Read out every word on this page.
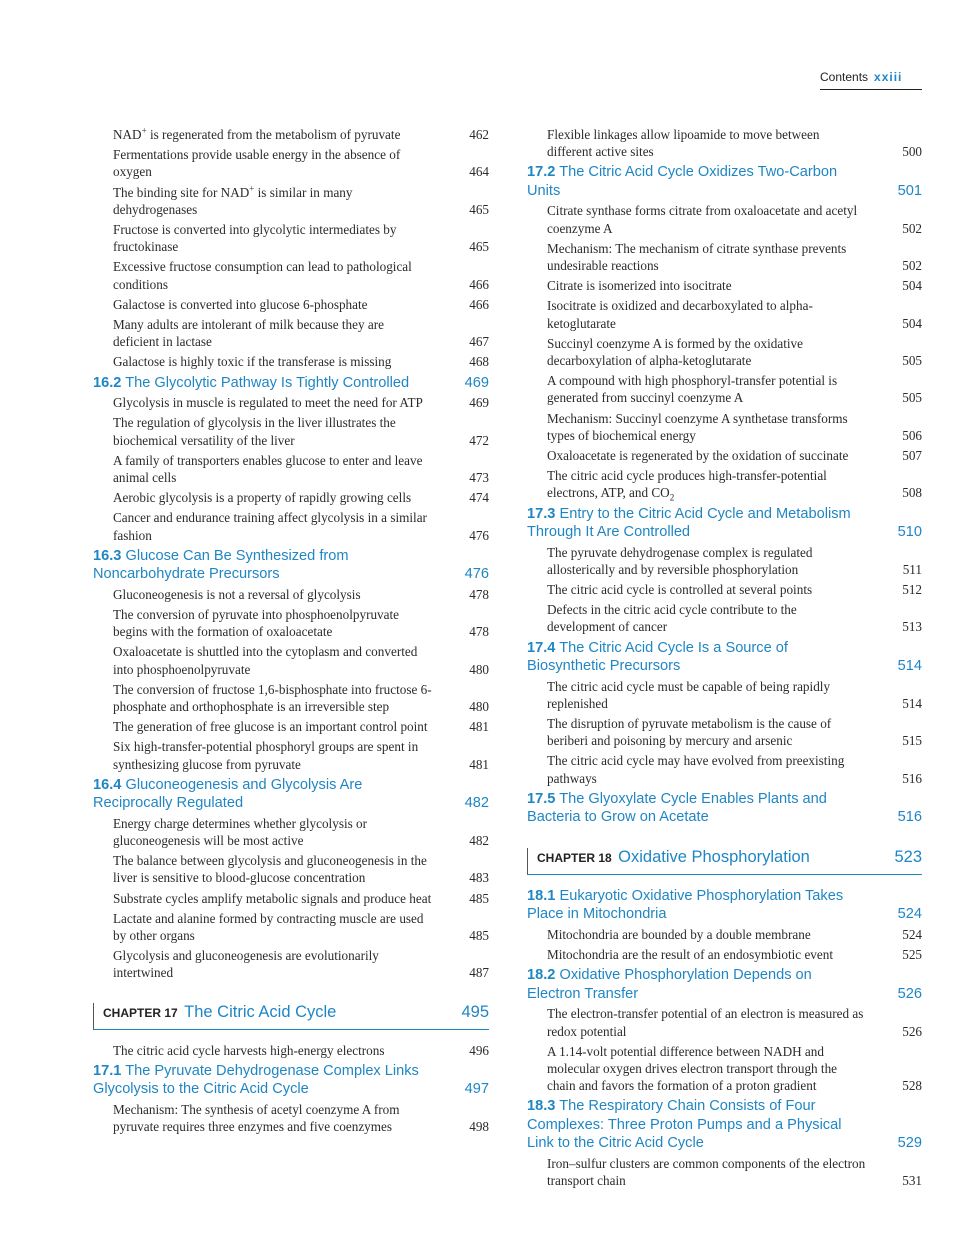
Contents xxiii
NAD+ is regenerated from the metabolism of pyruvate	462
Fermentations provide usable energy in the absence of oxygen	464
The binding site for NAD+ is similar in many dehydrogenases	465
Fructose is converted into glycolytic intermediates by fructokinase	465
Excessive fructose consumption can lead to pathological conditions	466
Galactose is converted into glucose 6-phosphate	466
Many adults are intolerant of milk because they are deficient in lactase	467
Galactose is highly toxic if the transferase is missing	468
16.2 The Glycolytic Pathway Is Tightly Controlled	469
Glycolysis in muscle is regulated to meet the need for ATP	469
The regulation of glycolysis in the liver illustrates the biochemical versatility of the liver	472
A family of transporters enables glucose to enter and leave animal cells	473
Aerobic glycolysis is a property of rapidly growing cells	474
Cancer and endurance training affect glycolysis in a similar fashion	476
16.3 Glucose Can Be Synthesized from Noncarbohydrate Precursors	476
Gluconeogenesis is not a reversal of glycolysis	478
The conversion of pyruvate into phosphoenolpyruvate begins with the formation of oxaloacetate	478
Oxaloacetate is shuttled into the cytoplasm and converted into phosphoenolpyruvate	480
The conversion of fructose 1,6-bisphosphate into fructose 6-phosphate and orthophosphate is an irreversible step	480
The generation of free glucose is an important control point	481
Six high-transfer-potential phosphoryl groups are spent in synthesizing glucose from pyruvate	481
16.4 Gluconeogenesis and Glycolysis Are Reciprocally Regulated	482
Energy charge determines whether glycolysis or gluconeogenesis will be most active	482
The balance between glycolysis and gluconeogenesis in the liver is sensitive to blood-glucose concentration	483
Substrate cycles amplify metabolic signals and produce heat	485
Lactate and alanine formed by contracting muscle are used by other organs	485
Glycolysis and gluconeogenesis are evolutionarily intertwined	487
CHAPTER 17 The Citric Acid Cycle	495
The citric acid cycle harvests high-energy electrons	496
17.1 The Pyruvate Dehydrogenase Complex Links Glycolysis to the Citric Acid Cycle	497
Mechanism: The synthesis of acetyl coenzyme A from pyruvate requires three enzymes and five coenzymes	498
Flexible linkages allow lipoamide to move between different active sites	500
17.2 The Citric Acid Cycle Oxidizes Two-Carbon Units	501
Citrate synthase forms citrate from oxaloacetate and acetyl coenzyme A	502
Mechanism: The mechanism of citrate synthase prevents undesirable reactions	502
Citrate is isomerized into isocitrate	504
Isocitrate is oxidized and decarboxylated to alpha-ketoglutarate	504
Succinyl coenzyme A is formed by the oxidative decarboxylation of alpha-ketoglutarate	505
A compound with high phosphoryl-transfer potential is generated from succinyl coenzyme A	505
Mechanism: Succinyl coenzyme A synthetase transforms types of biochemical energy	506
Oxaloacetate is regenerated by the oxidation of succinate	507
The citric acid cycle produces high-transfer-potential electrons, ATP, and $CO_2$	508
17.3 Entry to the Citric Acid Cycle and Metabolism Through It Are Controlled	510
The pyruvate dehydrogenase complex is regulated allosterically and by reversible phosphorylation	511
The citric acid cycle is controlled at several points	512
Defects in the citric acid cycle contribute to the development of cancer	513
17.4 The Citric Acid Cycle Is a Source of Biosynthetic Precursors	514
The citric acid cycle must be capable of being rapidly replenished	514
The disruption of pyruvate metabolism is the cause of beriberi and poisoning by mercury and arsenic	515
The citric acid cycle may have evolved from preexisting pathways	516
17.5 The Glyoxylate Cycle Enables Plants and Bacteria to Grow on Acetate	516
CHAPTER 18 Oxidative Phosphorylation	523
18.1 Eukaryotic Oxidative Phosphorylation Takes Place in Mitochondria	524
Mitochondria are bounded by a double membrane	524
Mitochondria are the result of an endosymbiotic event	525
18.2 Oxidative Phosphorylation Depends on Electron Transfer	526
The electron-transfer potential of an electron is measured as redox potential	526
A 1.14-volt potential difference between NADH and molecular oxygen drives electron transport through the chain and favors the formation of a proton gradient	528
18.3 The Respiratory Chain Consists of Four Complexes: Three Proton Pumps and a Physical Link to the Citric Acid Cycle	529
Iron–sulfur clusters are common components of the electron transport chain	531
